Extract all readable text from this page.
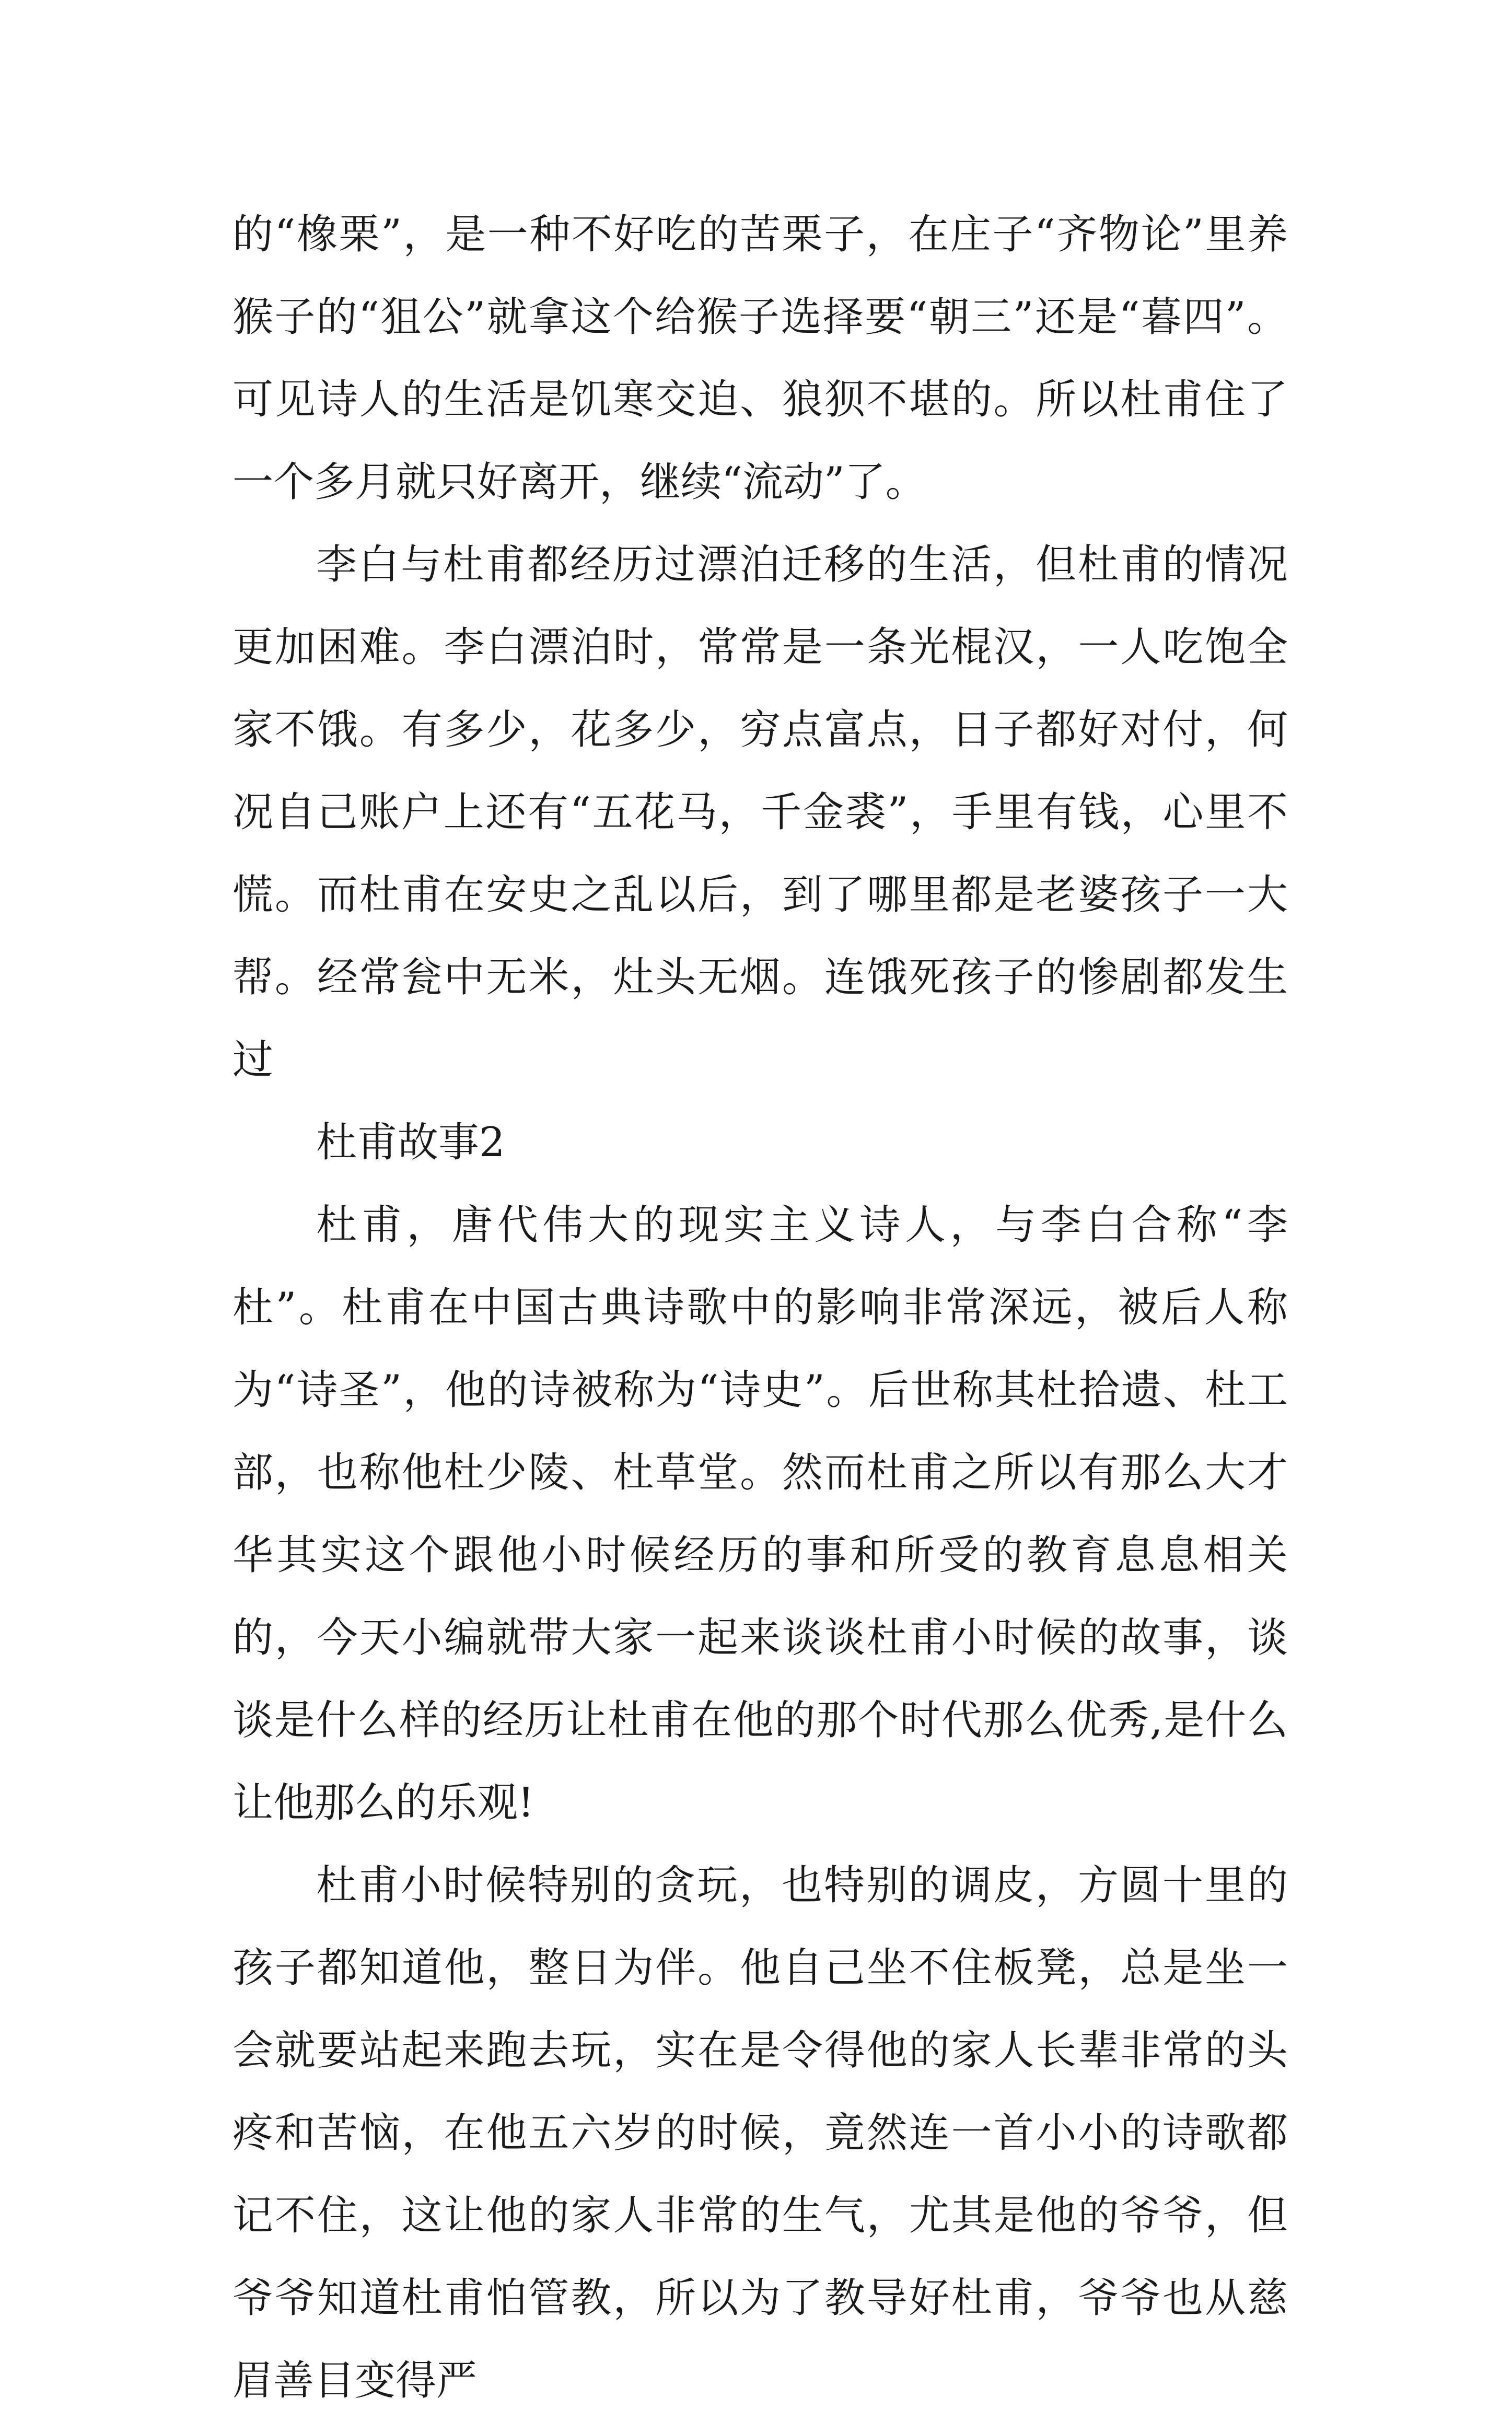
的“橡栗”，是一种不好吃的苦栗子，在庄子“齐物论”里养猴子的“狙公”就拿这个给猴子选择要“朝三”还是“暮四”。可见诗人的生活是饥寒交迫、狼狈不堪的。所以杜甫住了一个多月就只好离开，继续“流动”了。

李白与杜甫都经历过漂泊迁移的生活，但杜甫的情况更加困难。李白漂泊时，常常是一条光棍汉，一人吃饱全家不饿。有多少，花多少，穷点富点，日子都好对付，何况自己账户上还有“五花马，千金裘”，手里有钱，心里不慌。而杜甫在安史之乱以后，到了哪里都是老婆孩子一大帮。经常瓮中无米，灶头无烟。连饿死孩子的惨剧都发生过

杜甫故事2

杜甫，唐代伟大的现实主义诗人，与李白合称“李杜”。杜甫在中国古典诗歌中的影响非常深远，被后人称为“诗圣”，他的诗被称为“诗史”。后世称其杜拾遗、杜工部，也称他杜少陵、杜草堂。然而杜甫之所以有那么大才华其实这个跟他小时候经历的事和所受的教育息息相关的，今天小编就带大家一起来谈谈杜甫小时候的故事，谈谈是什么样的经历让杜甫在他的那个时代那么优秀,是什么让他那么的乐观!

杜甫小时候特别的贪玩，也特别的调皮，方圆十里的孩子都知道他，整日为伴。他自己坐不住板凳，总是坐一会就要站起来跑去玩，实在是令得他的家人长辈非常的头疼和苦恼，在他五六岁的时候，竟然连一首小小的诗歌都记不住，这让他的家人非常的生气，尤其是他的爷爷，但爷爷知道杜甫怕管教，所以为了教导好杜甫，爷爷也从慈眉善目变得严
